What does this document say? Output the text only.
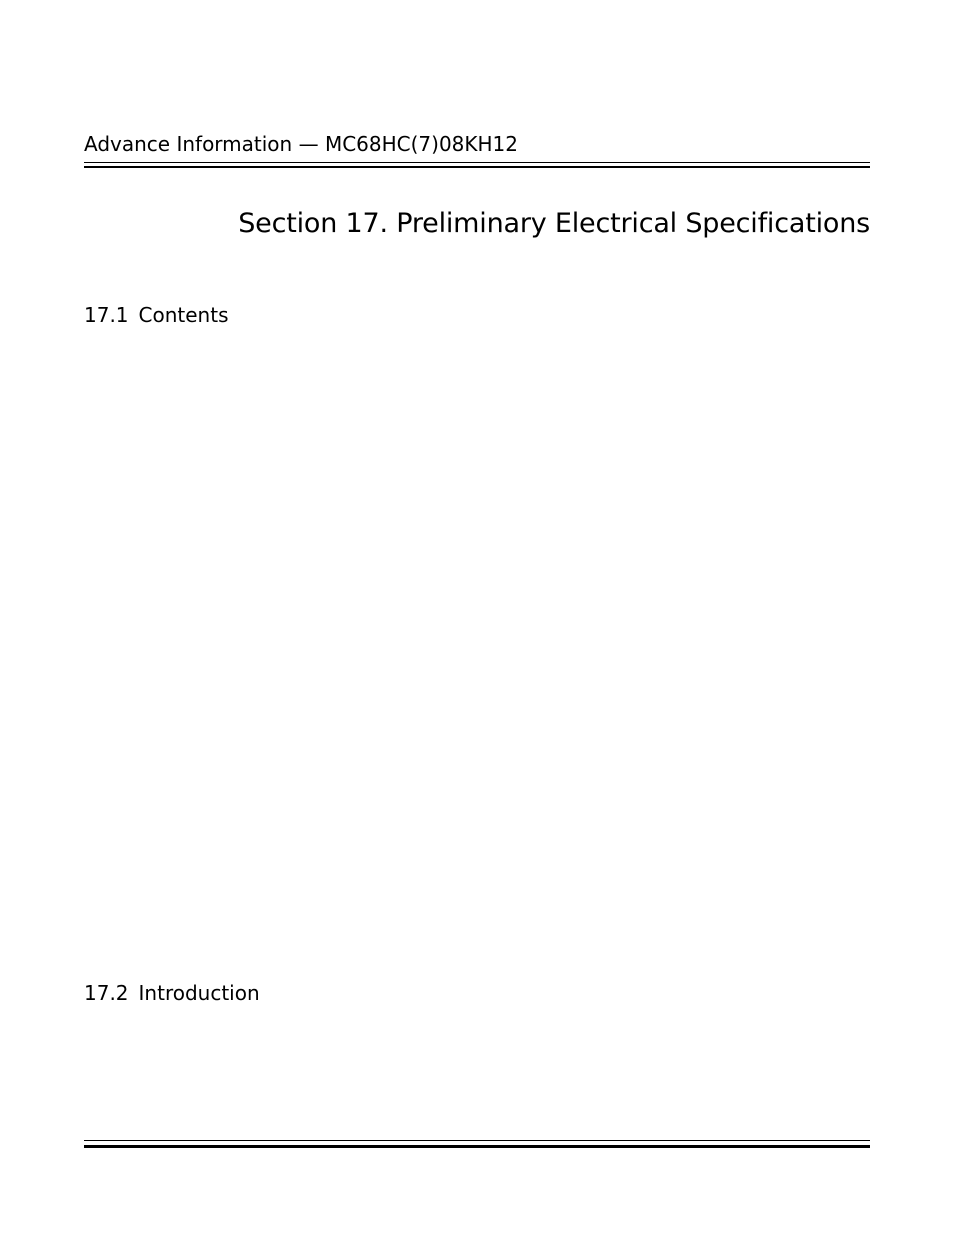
Advance Information — MC68HC(7)08KH12
Section 17. Preliminary Electrical Specifications
17.1 Contents
17.2 Introduction
